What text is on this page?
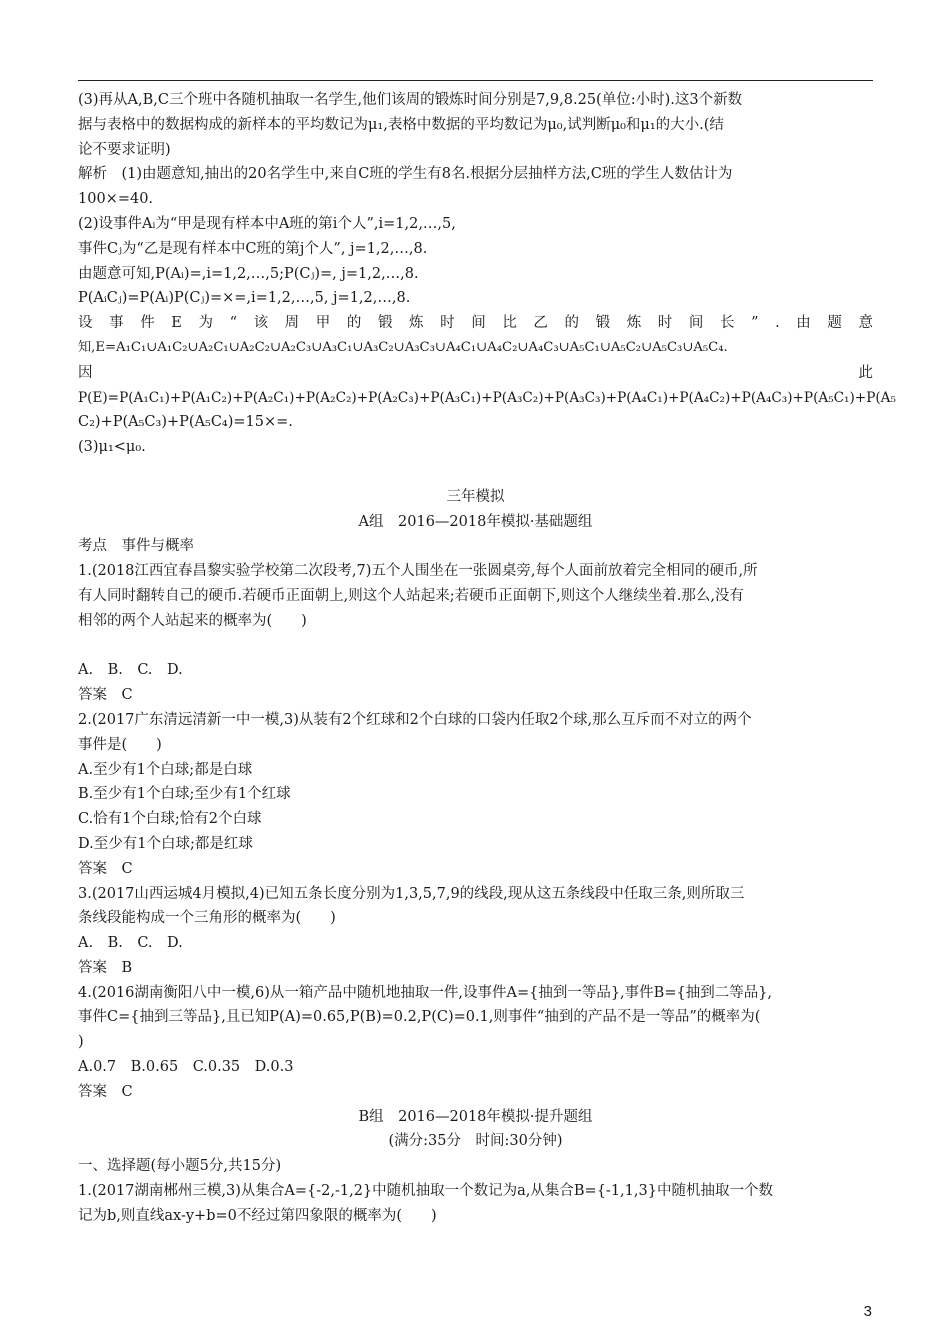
(3)再从A,B,C三个班中各随机抽取一名学生,他们该周的锻炼时间分别是7,9,8.25(单位:小时).这3个新数
据与表格中的数据构成的新样本的平均数记为μ₁,表格中数据的平均数记为μ₀,试判断μ₀和μ₁的大小.(结
论不要求证明)
解析　(1)由题意知,抽出的20名学生中,来自C班的学生有8名.根据分层抽样方法,C班的学生人数估计为
100×=40.
(2)设事件Aᵢ为“甲是现有样本中A班的第i个人”,i=1,2,…,5,
事件Cⱼ为“乙是现有样本中C班的第j个人”, j=1,2,…,8.
由题意可知,P(Aᵢ)=,i=1,2,…,5;P(Cⱼ)=, j=1,2,…,8.
P(AᵢCⱼ)=P(Aᵢ)P(Cⱼ)=×=,i=1,2,…,5, j=1,2,…,8.
设 事 件 E 为 “ 该 周 甲 的 锻 炼 时 间 比 乙 的 锻 炼 时 间 长 ” . 由 题 意
知,E=A₁C₁∪A₁C₂∪A₂C₁∪A₂C₂∪A₂C₃∪A₃C₁∪A₃C₂∪A₃C₃∪A₄C₁∪A₄C₂∪A₄C₃∪A₅C₁∪A₅C₂∪A₅C₃∪A₅C₄.
因	此
P(E)=P(A₁C₁)+P(A₁C₂)+P(A₂C₁)+P(A₂C₂)+P(A₂C₃)+P(A₃C₁)+P(A₃C₂)+P(A₃C₃)+P(A₄C₁)+P(A₄C₂)+P(A₄C₃)+P(A₅C₁)+P(A₅
C₂)+P(A₅C₃)+P(A₅C₄)=15×=.
(3)μ₁<μ₀.
三年模拟
A组　2016—2018年模拟·基础题组
考点　事件与概率
1.(2018江西宜春昌黎实验学校第二次段考,7)五个人围坐在一张圆桌旁,每个人面前放着完全相同的硬币,所
有人同时翻转自己的硬币.若硬币正面朝上,则这个人站起来;若硬币正面朝下,则这个人继续坐着.那么,没有
相邻的两个人站起来的概率为(　　)
A.　B.　C.　D.
答案　C
2.(2017广东清远清新一中一模,3)从装有2个红球和2个白球的口袋内任取2个球,那么互斥而不对立的两个
事件是(　　)
A.至少有1个白球;都是白球
B.至少有1个白球;至少有1个红球
C.恰有1个白球;恰有2个白球
D.至少有1个白球;都是红球
答案　C
3.(2017山西运城4月模拟,4)已知五条长度分别为1,3,5,7,9的线段,现从这五条线段中任取三条,则所取三
条线段能构成一个三角形的概率为(　　)
A.　B.　C.　D.
答案　B
4.(2016湖南衡阳八中一模,6)从一箱产品中随机地抽取一件,设事件A={抽到一等品},事件B={抽到二等品},
事件C={抽到三等品},且已知P(A)=0.65,P(B)=0.2,P(C)=0.1,则事件“抽到的产品不是一等品”的概率为(
)
A.0.7　B.0.65　C.0.35　D.0.3
答案　C
B组　2016—2018年模拟·提升题组
(满分:35分　时间:30分钟)
一、选择题(每小题5分,共15分)
1.(2017湖南郴州三模,3)从集合A={-2,-1,2}中随机抽取一个数记为a,从集合B={-1,1,3}中随机抽取一个数
记为b,则直线ax-y+b=0不经过第四象限的概率为(　　)
3
